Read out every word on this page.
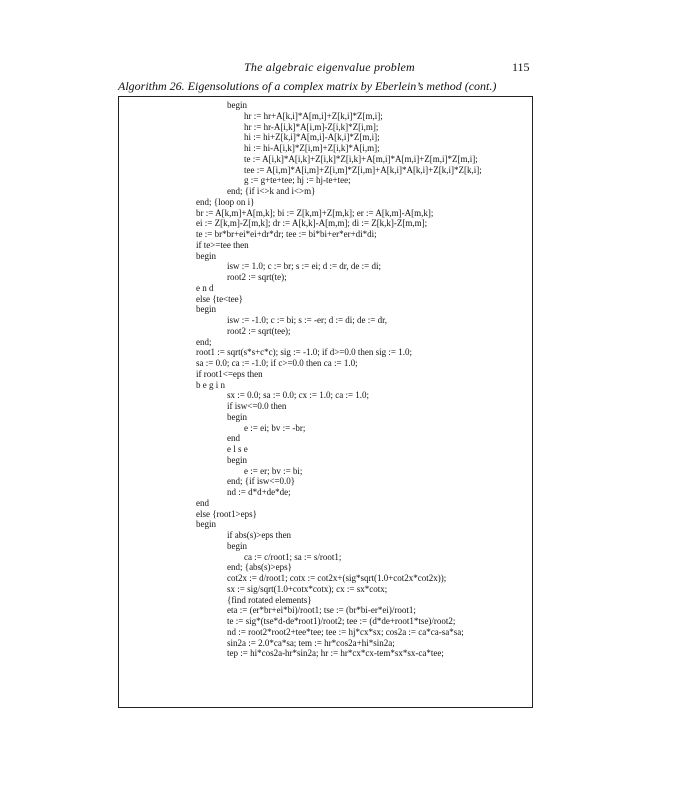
The algebraic eigenvalue problem	115
Algorithm 26. Eigensolutions of a complex matrix by Eberlein’s method (cont.)
begin
hr := hr+A[k,i]*A[m,i]+Z[k,i]*Z[m,i];
hr := hr-A[i,k]*A[i,m]-Z[i,k]*Z[i,m];
hi := hi+Z[k,i]*A[m,i]-A[k,i]*Z[m,i];
hi := hi-A[i,k]*Z[i,m]+Z[i,k]*A[i,m];
te := A[i,k]*A[i,k]+Z[i,k]*Z[i,k]+A[m,i]*A[m,i]+Z[m,i]*Z[m,i];
tee := A[i,m]*A[i,m]+Z[i,m]*Z[i,m]+A[k,i]*A[k,i]+Z[k,i]*Z[k,i];
g := g+te+tee; hj := hj-te+tee;
end; {if i<>k and i<>m}
end; {loop on i}
br := A[k,m]+A[m,k]; bi := Z[k,m]+Z[m,k]; er := A[k,m]-A[m,k];
ei := Z[k,m]-Z[m,k]; dr := A[k,k]-A[m,m]; di := Z[k,k]-Z[m,m];
te := br*br+ei*ei+dr*dr; tee := bi*bi+er*er+di*di;
if te>=tee then
begin
isw := 1.0; c := br; s := ei; d := dr, de := di;
root2 := sqrt(te);
e n d
else {te<tee}
begin
isw := -1.0; c := bi; s := -er; d := di; de := dr,
root2 := sqrt(tee);
end;
root1 := sqrt(s*s+c*c); sig := -1.0; if d>=0.0 then sig := 1.0;
sa := 0.0; ca := -1.0; if c>=0.0 then ca := 1.0;
if root1<=eps then
b e g i n
sx := 0.0; sa := 0.0; cx := 1.0; ca := 1.0;
if isw<=0.0 then
begin
e := ei; bv := -br;
end
e l s e
begin
e := er; bv := bi;
end; {if isw<=0.0}
nd := d*d+de*de;
end
else {root1>eps}
begin
if abs(s)>eps then
begin
ca := c/root1; sa := s/root1;
end; {abs(s)>eps}
cot2x := d/root1; cotx := cot2x+(sig*sqrt(1.0+cot2x*cot2x));
sx := sig/sqrt(1.0+cotx*cotx); cx := sx*cotx;
{find rotated elements}
eta := (er*br+ei*bi)/root1; tse := (br*bi-er*ei)/root1;
te := sig*(tse*d-de*root1)/root2; tee := (d*de+root1*tse)/root2;
nd := root2*root2+tee*tee; tee := hj*cx*sx; cos2a := ca*ca-sa*sa;
sin2a := 2.0*ca*sa; tem := hr*cos2a+hi*sin2a;
tep := hi*cos2a-hr*sin2a; hr := hr*cx*cx-tem*sx*sx-ca*tee;
